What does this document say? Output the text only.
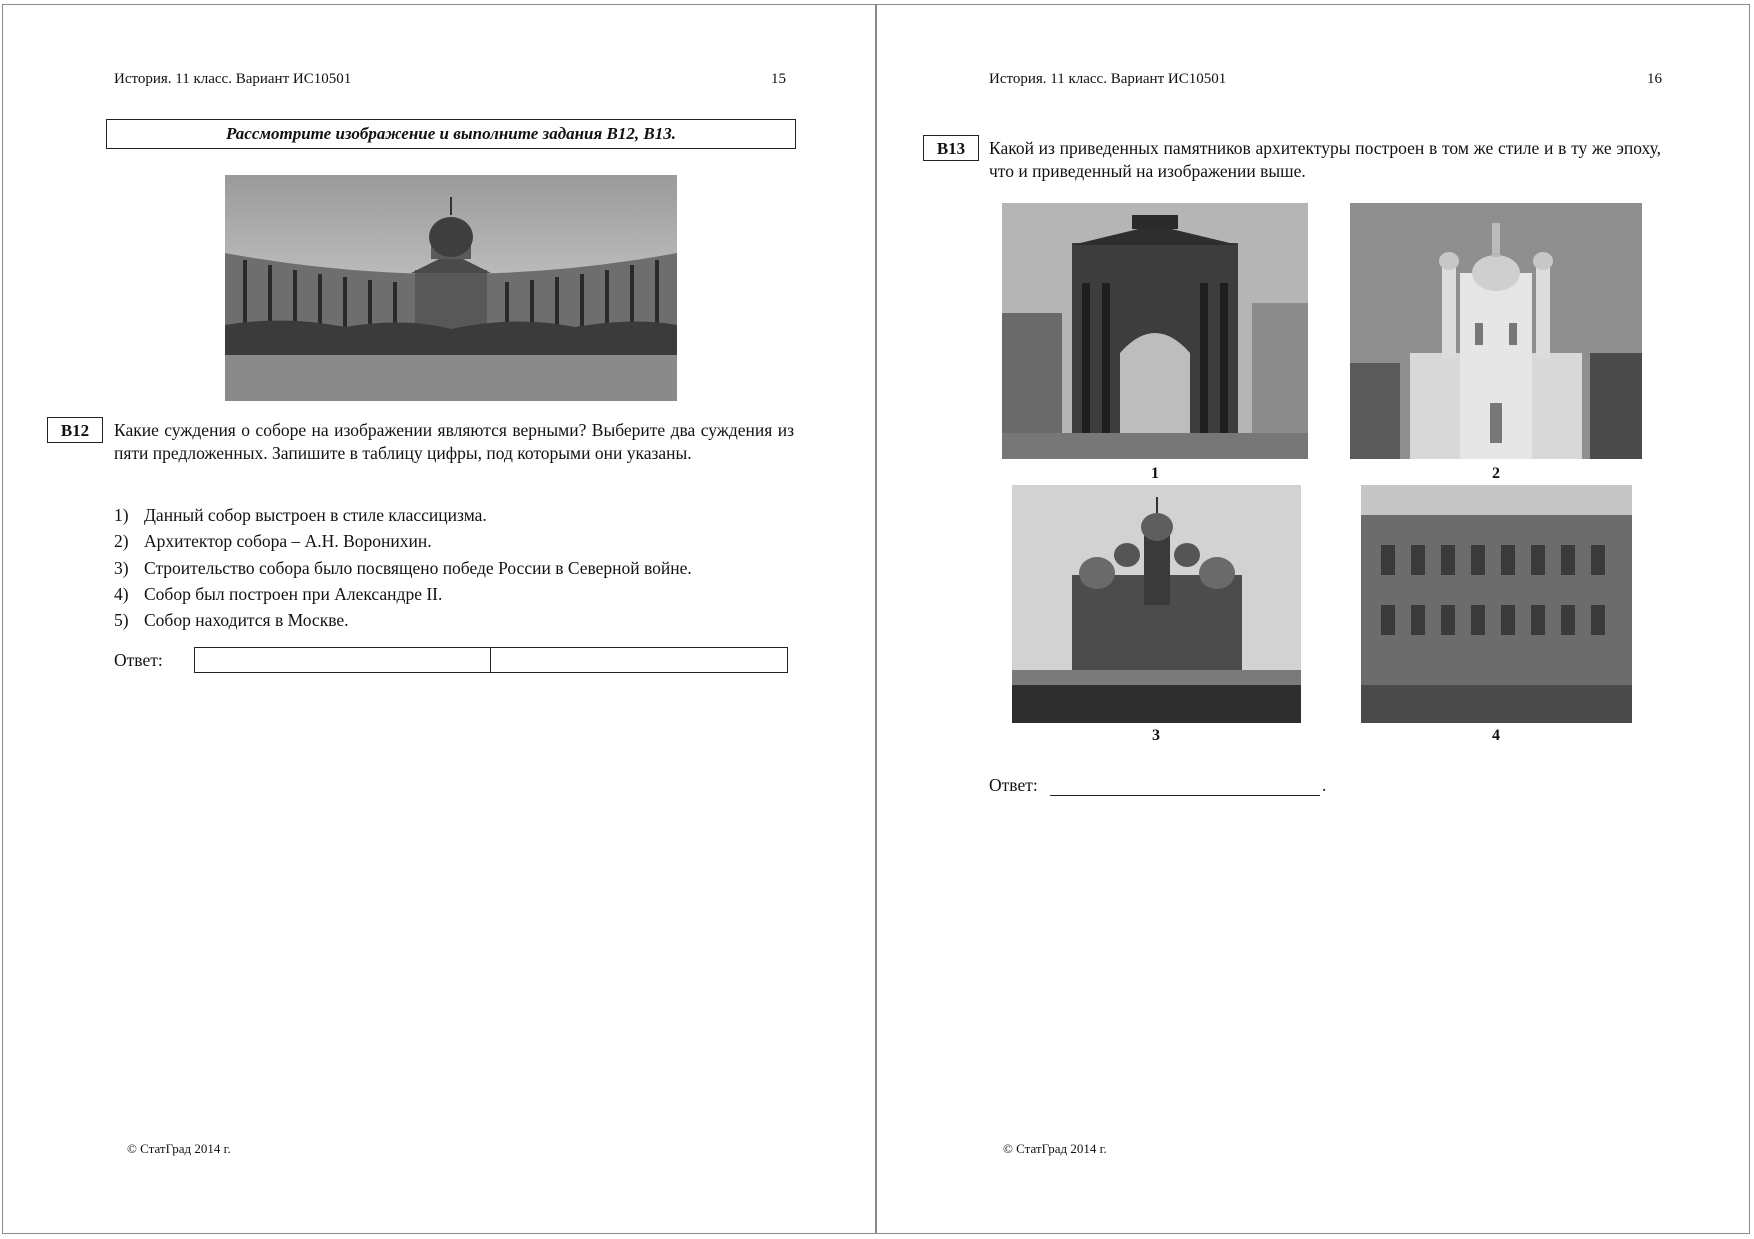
История. 11 класс. Вариант ИС10501	15
Рассмотрите изображение и выполните задания В12, В13.
B12	Какие суждения о соборе на изображении являются верными? Выберите два суждения из пяти предложенных. Запишите в таблицу цифры, под которыми они указаны.
1) Данный собор выстроен в стиле классицизма.
2) Архитектор собора – А.Н. Воронихин.
3) Строительство собора было посвящено победе России в Северной войне.
4) Собор был построен при Александре II.
5) Собор находится в Москве.
Ответ:
© СтатГрад 2014 г.
История. 11 класс. Вариант ИС10501	16
B13	Какой из приведенных памятников архитектуры построен в том же стиле и в ту же эпоху, что и приведенный на изображении выше.
1	2
3	4
Ответ:	.
© СтатГрад 2014 г.
